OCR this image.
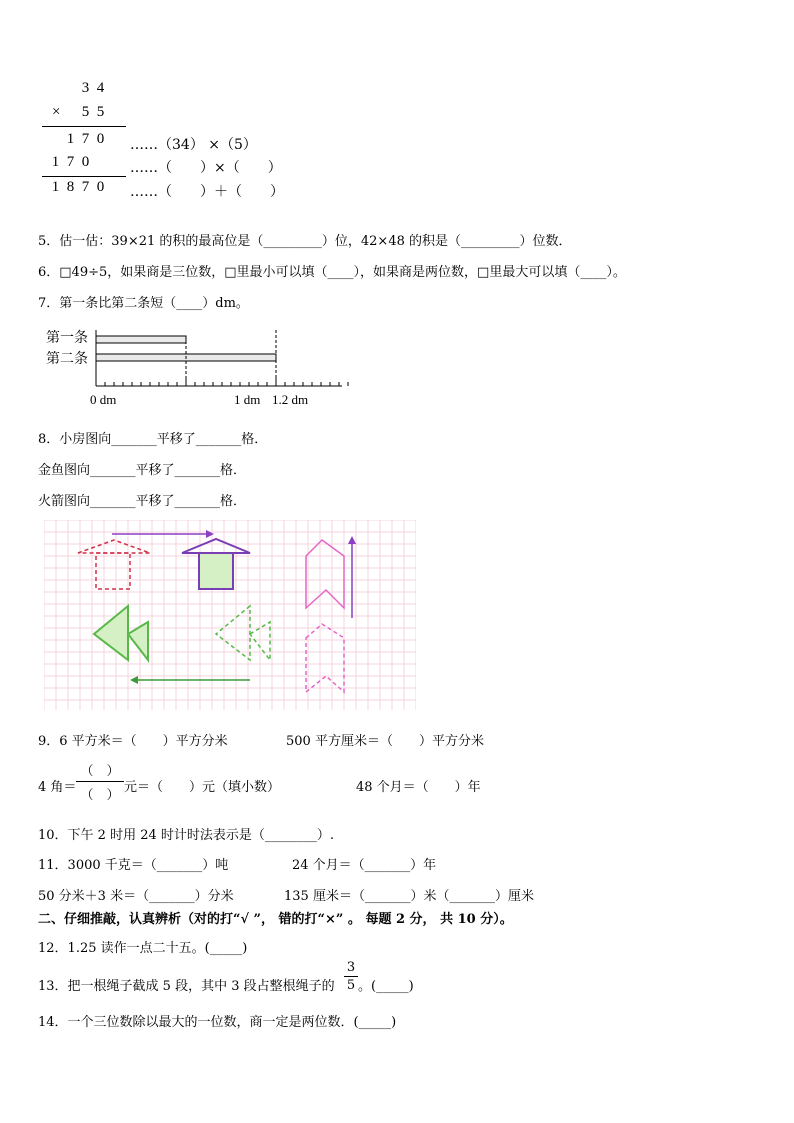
3 4
× 5 5
1 7 0 ……（34） ×（5）
1 7 0	……（　　）×（　　）
1 8 7 0 ……（　　）＋（　　）
5．估一估：39×21 的积的最高位是（_________）位，42×48 的积是（_________）位数．
6．□49÷5，如果商是三位数，□里最小可以填（____），如果商是两位数，□里最大可以填（____）。
7．第一条比第二条短（____）dm。
第一条
第二条
0 dm	1 dm 1.2 dm
8．小房图向_______平移了_______格．
金鱼图向_______平移了_______格．
火箭图向_______平移了_______格．
9．6 平方米＝（　　）平方分米	500 平方厘米＝（　　）平方分米
4 角＝
（　）
（　）
元＝（　　）元（填小数）	48 个月＝（　　）年
10．下午 2 时用 24 时计时法表示是（________）.
11．3000 千克＝（_______）吨	24 个月＝（_______）年
50 分米＋3 米＝（_______）分米	135 厘米＝（_______）米（_______）厘米
二、仔细推敲，认真辨析（对的打“√ ”， 错的打“×” 。 每题 2 分， 共 10 分）。
12．1.25 读作一点二十五。(_____)
13．把一根绳子截成 5 段，其中 3 段占整根绳子的
3
5 。(_____)
14．一个三位数除以最大的一位数，商一定是两位数．(_____)
